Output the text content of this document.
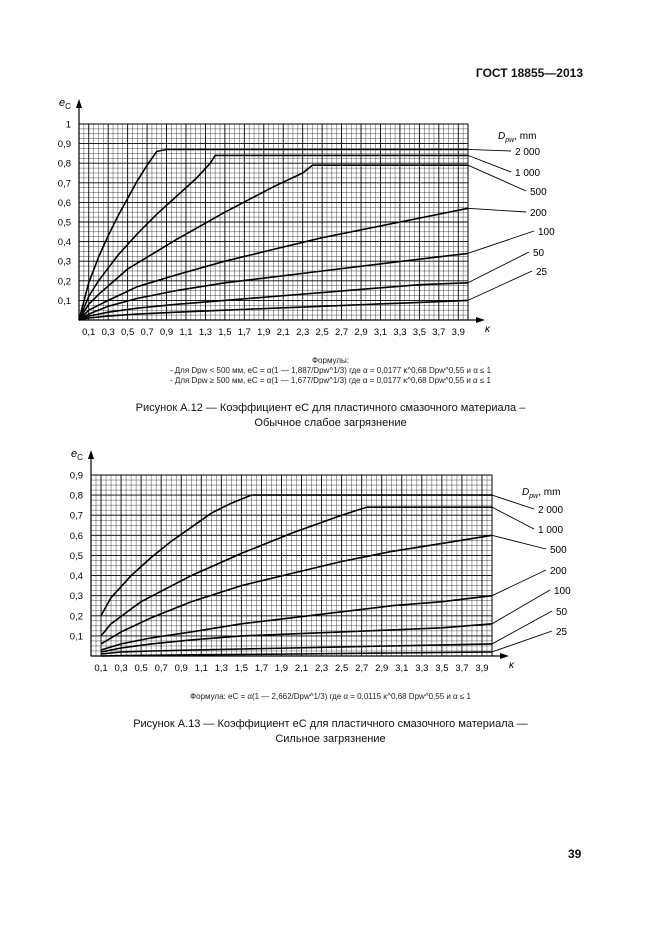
ГОСТ 18855—2013
$e_C$
κ
0,1 0,3 0,5 0,7 0,9 1,1 1,3 1,5 1,7 1,9 2,1 2,3 2,5 2,7 2,9 3,1 3,3 3,5 3,7 3,9
0,1
0,2
0,3
0,4
0,5
0,6
0,7
0,8
0,9
1
$D_{pw}$, mm
2 000
1 000
500
200
100
50
25
Формулы:
- Для Dpw < 500 мм, eC = α(1 — 1,887/Dpw^1/3) где α = 0,0177 κ^0,68 Dpw^0,55 и α ≤ 1
- Для Dpw ≥ 500 мм, eC = α(1 — 1,677/Dpw^1/3) где α = 0,0177 κ^0,68 Dpw^0,55 и α ≤ 1
Рисунок А.12 — Коэффициент eC для пластичного смазочного материала –
Обычное слабое загрязнение
$e_C$
κ
0,1 0,3 0,5 0,7 0,9 1,1 1,3 1,5 1,7 1,9 2,1 2,3 2,5 2,7 2,9 3,1 3,3 3,5 3,7 3,9
0,1
0,2
0,3
0,4
0,5
0,6
0,7
0,8
0,9
$D_{pw}$, mm
2 000
1 000
500
200
100
50
25
Формула: eC = α(1 — 2,662/Dpw^1/3) где α = 0,0115 κ^0,68 Dpw^0,55 и α ≤ 1
Рисунок А.13 — Коэффициент eC для пластичного смазочного материала —
Сильное загрязнение
39
